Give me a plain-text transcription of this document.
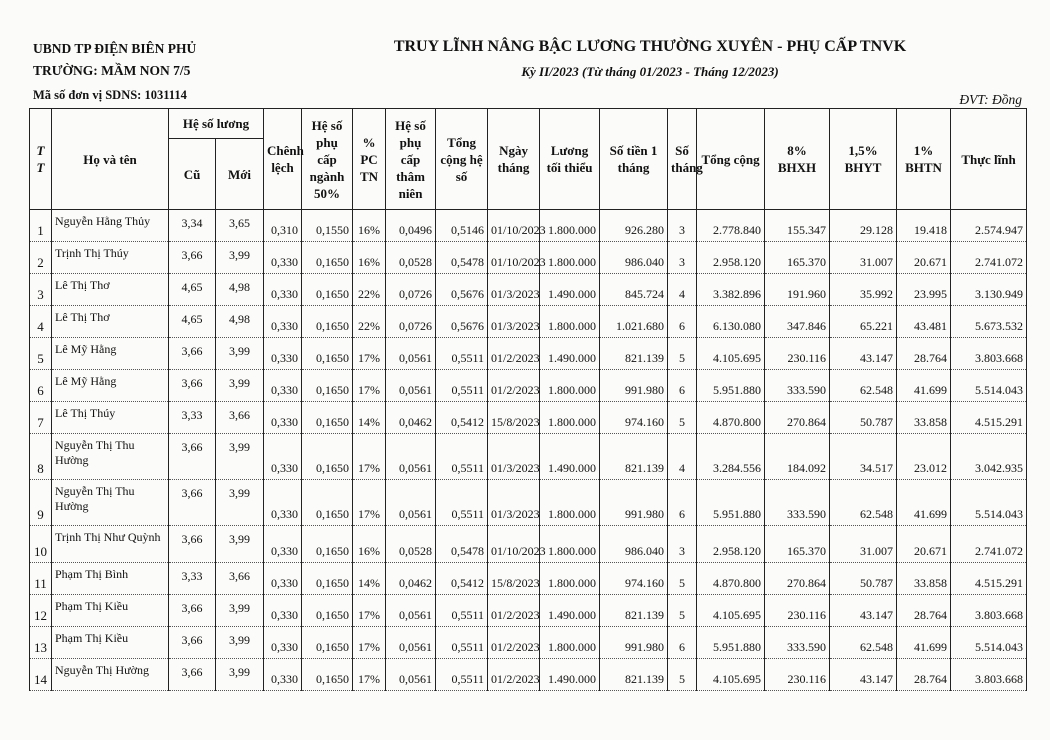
UBND TP ĐIỆN BIÊN PHỦ
TRƯỜNG: MẦM NON 7/5
TRUY LĨNH NÂNG BẬC LƯƠNG THƯỜNG XUYÊN - PHỤ CẤP TNVK
Kỳ II/2023 (Từ tháng 01/2023 - Tháng 12/2023)
Mã số đơn vị SDNS: 1031114	ĐVT: Đồng
T T	Họ và tên	Hệ số lương		Chênh lệch	Hệ số phụ cấp ngành 50%	% PC TN	Hệ số phụ cấp thâm niên	Tổng cộng hệ số	Ngày tháng	Lương tối thiểu	Số tiền 1 tháng	Số tháng	Tổng cộng	8% BHXH	1,5% BHYT	1% BHTN	Thực lĩnh
		Cũ	Mới														
1	Nguyễn Hằng Thủy	3,34	3,65	0,310	0,1550	16%	0,0496	0,5146	01/10/2023	1.800.000	926.280	3	2.778.840	155.347	29.128	19.418	2.574.947
2	Trịnh Thị Thúy	3,66	3,99	0,330	0,1650	16%	0,0528	0,5478	01/10/2023	1.800.000	986.040	3	2.958.120	165.370	31.007	20.671	2.741.072
3	Lê Thị Thơ	4,65	4,98	0,330	0,1650	22%	0,0726	0,5676	01/3/2023	1.490.000	845.724	4	3.382.896	191.960	35.992	23.995	3.130.949
4	Lê Thị Thơ	4,65	4,98	0,330	0,1650	22%	0,0726	0,5676	01/3/2023	1.800.000	1.021.680	6	6.130.080	347.846	65.221	43.481	5.673.532
5	Lê Mỹ Hằng	3,66	3,99	0,330	0,1650	17%	0,0561	0,5511	01/2/2023	1.490.000	821.139	5	4.105.695	230.116	43.147	28.764	3.803.668
6	Lê Mỹ Hằng	3,66	3,99	0,330	0,1650	17%	0,0561	0,5511	01/2/2023	1.800.000	991.980	6	5.951.880	333.590	62.548	41.699	5.514.043
7	Lê Thị Thúy	3,33	3,66	0,330	0,1650	14%	0,0462	0,5412	15/8/2023	1.800.000	974.160	5	4.870.800	270.864	50.787	33.858	4.515.291
8	Nguyễn Thị Thu Hường	3,66	3,99	0,330	0,1650	17%	0,0561	0,5511	01/3/2023	1.490.000	821.139	4	3.284.556	184.092	34.517	23.012	3.042.935
9	Nguyễn Thị Thu Hường	3,66	3,99	0,330	0,1650	17%	0,0561	0,5511	01/3/2023	1.800.000	991.980	6	5.951.880	333.590	62.548	41.699	5.514.043
10	Trịnh Thị Như Quỳnh	3,66	3,99	0,330	0,1650	16%	0,0528	0,5478	01/10/2023	1.800.000	986.040	3	2.958.120	165.370	31.007	20.671	2.741.072
11	Phạm Thị Bình	3,33	3,66	0,330	0,1650	14%	0,0462	0,5412	15/8/2023	1.800.000	974.160	5	4.870.800	270.864	50.787	33.858	4.515.291
12	Phạm Thị Kiều	3,66	3,99	0,330	0,1650	17%	0,0561	0,5511	01/2/2023	1.490.000	821.139	5	4.105.695	230.116	43.147	28.764	3.803.668
13	Phạm Thị Kiều	3,66	3,99	0,330	0,1650	17%	0,0561	0,5511	01/2/2023	1.800.000	991.980	6	5.951.880	333.590	62.548	41.699	5.514.043
14	Nguyễn Thị Hường	3,66	3,99	0,330	0,1650	17%	0,0561	0,5511	01/2/2023	1.490.000	821.139	5	4.105.695	230.116	43.147	28.764	3.803.668
